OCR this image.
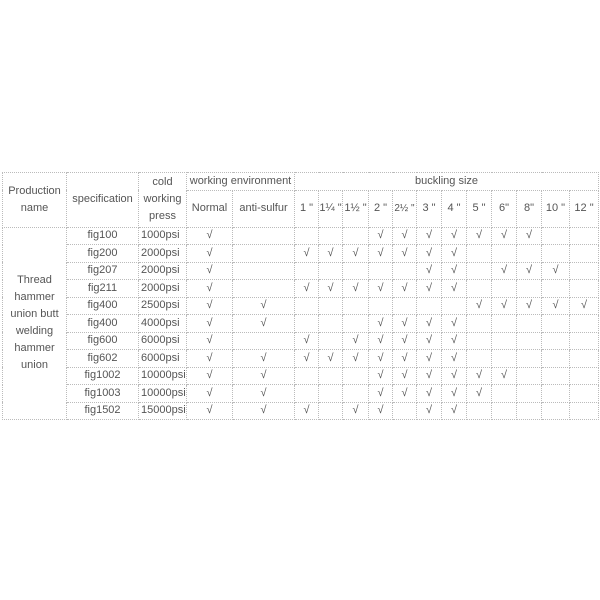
Production name	specification	cold working press	working environment		buckling size											
			Normal	anti-sulfur	1 "	1¼ "	1½ "	2 "	2½ "	3 "	4 "	5 "	6"	8"	10 "	12 "
Thread hammer union butt welding hammer union	fig100	1000psi	√					√	√	√	√	√	√	√		
	fig200	2000psi	√		√	√	√	√	√	√	√					
	fig207	2000psi	√							√	√		√	√	√	
	fig211	2000psi	√		√	√	√	√	√	√	√					
	fig400	2500psi	√	√								√	√	√	√	√
	fig400	4000psi	√	√				√	√	√	√					
	fig600	6000psi	√		√		√	√	√	√	√					
	fig602	6000psi	√	√	√	√	√	√	√	√	√					
	fig1002	10000psi	√	√				√	√	√	√	√	√			
	fig1003	10000psi	√	√				√	√	√	√	√				
	fig1502	15000psi	√	√	√		√	√		√	√					
